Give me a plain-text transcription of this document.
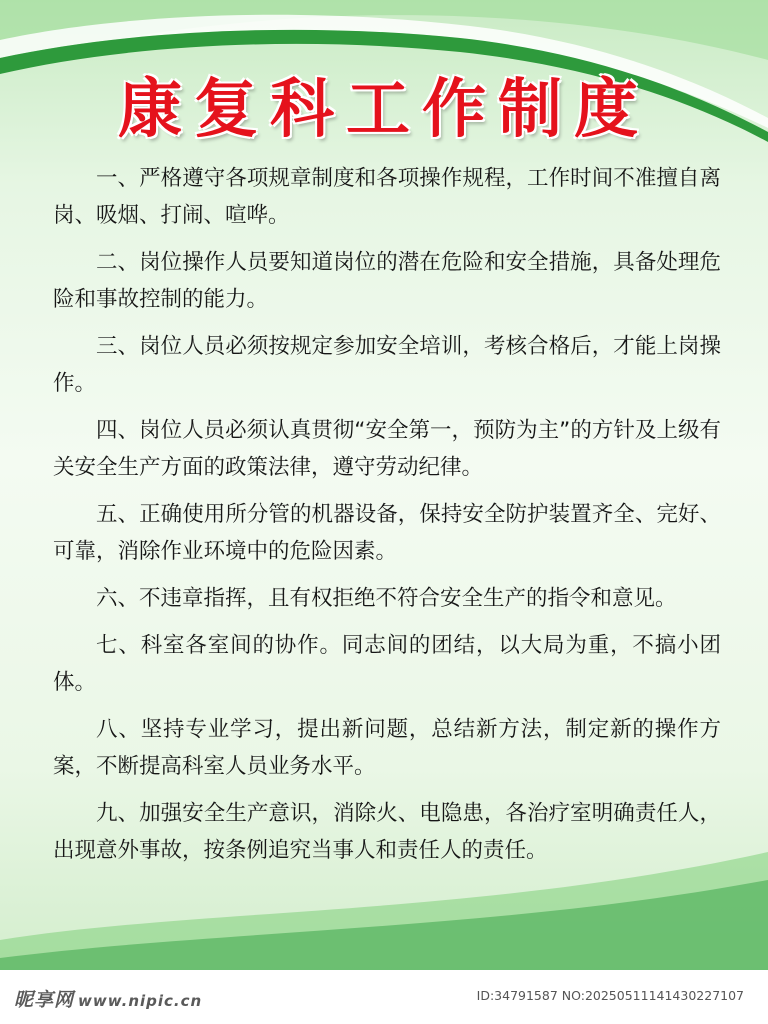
康复科工作制度

一、严格遵守各项规章制度和各项操作规程，工作时间不准擅自离岗、吸烟、打闹、喧哗。

二、岗位操作人员要知道岗位的潜在危险和安全措施，具备处理危险和事故控制的能力。

三、岗位人员必须按规定参加安全培训，考核合格后，才能上岗操作。

四、岗位人员必须认真贯彻“安全第一，预防为主”的方针及上级有关安全生产方面的政策法律，遵守劳动纪律。

五、正确使用所分管的机器设备，保持安全防护装置齐全、完好、可靠，消除作业环境中的危险因素。

六、不违章指挥，且有权拒绝不符合安全生产的指令和意见。

七、科室各室间的协作。同志间的团结，以大局为重，不搞小团体。

八、坚持专业学习，提出新问题，总结新方法，制定新的操作方案，不断提高科室人员业务水平。

九、加强安全生产意识，消除火、电隐患，各治疗室明确责任人，出现意外事故，按条例追究当事人和责任人的责任。

昵享网 www.nipic.cn	ID:34791587 NO:20250511141430227107
